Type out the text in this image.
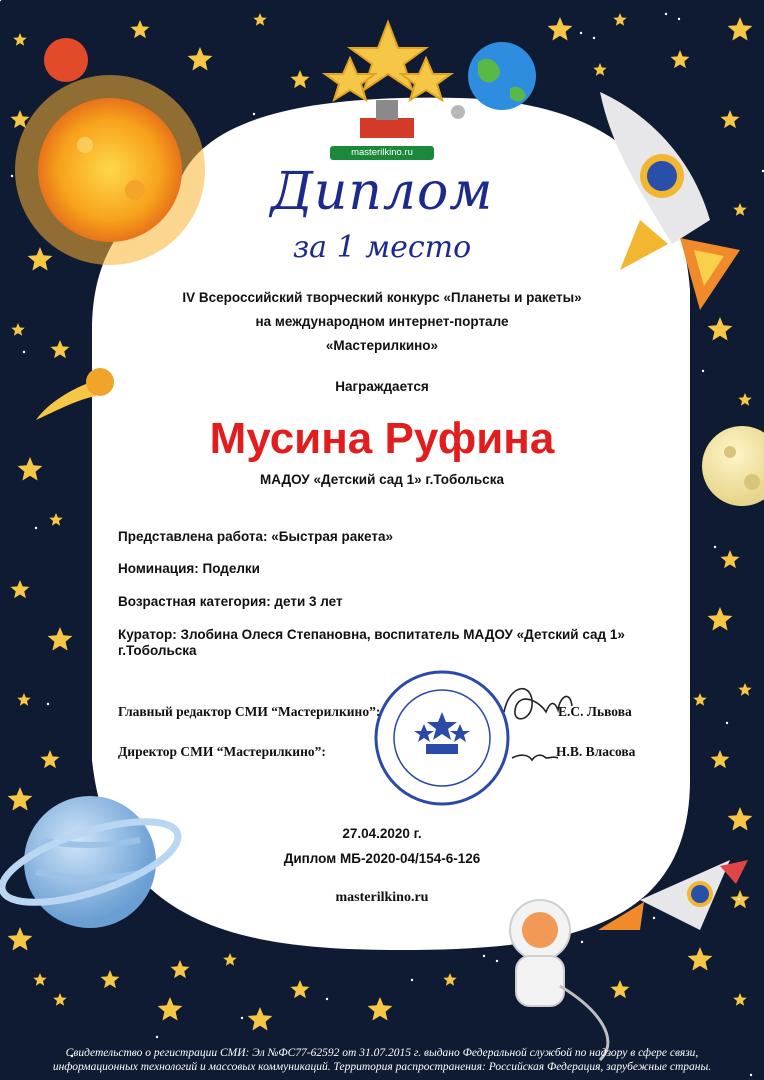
masterilkino.ru
Диплом
за 1 место
IV Всероссийский творческий конкурс «Планеты и ракеты»
на международном интернет-портале
«Мастерилкино»
Награждается
Мусина Руфина
МАДОУ «Детский сад 1» г.Тобольска
Представлена работа: «Быстрая ракета»
Номинация: Поделки
Возрастная категория: дети 3 лет
Куратор: Злобина Олеся Степановна, воспитатель МАДОУ «Детский сад 1»
г.Тобольска
Главный редактор СМИ “Мастерилкино”:	Е.С. Львова
Директор СМИ “Мастерилкино”:	Н.В. Власова
27.04.2020 г.
Диплом МБ-2020-04/154-6-126
masterilkino.ru
Свидетельство о регистрации СМИ: Эл №ФС77-62592 от 31.07.2015 г. выдано Федеральной службой по надзору в сфере связи,
информационных технологий и массовых коммуникаций. Территория распространения: Российская Федерация, зарубежные страны.
